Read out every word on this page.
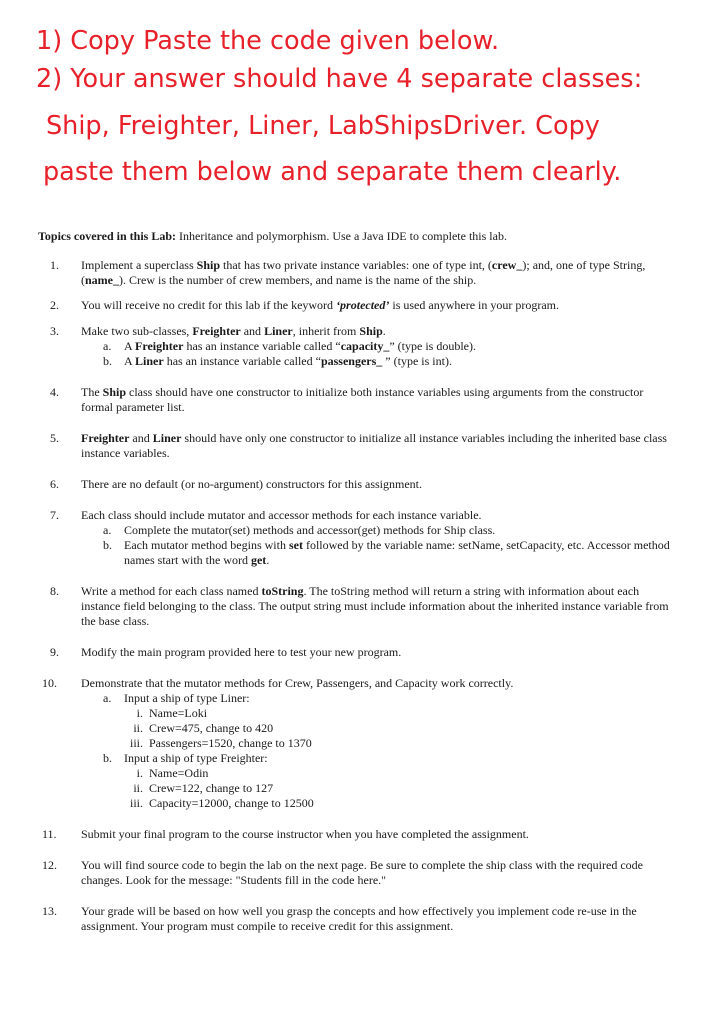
1) Copy Paste the code given below.
2) Your answer should have 4 separate classes:
Ship, Freighter, Liner, LabShipsDriver. Copy
paste them below and separate them clearly.
Topics covered in this Lab: Inheritance and polymorphism. Use a Java IDE to complete this lab.
1.	Implement a superclass Ship that has two private instance variables: one of type int, (crew_); and, one of type String, (name_). Crew is the number of crew members, and name is the name of the ship.
2.	You will receive no credit for this lab if the keyword ‘protected’ is used anywhere in your program.
3.	Make two sub-classes, Freighter and Liner, inherit from Ship.
a. A Freighter has an instance variable called “capacity_” (type is double).
b. A Liner has an instance variable called “passengers_ ” (type is int).
4.	The Ship class should have one constructor to initialize both instance variables using arguments from the constructor formal parameter list.
5.	Freighter and Liner should have only one constructor to initialize all instance variables including the inherited base class instance variables.
6.	There are no default (or no-argument) constructors for this assignment.
7.	Each class should include mutator and accessor methods for each instance variable.
a. Complete the mutator(set) methods and accessor(get) methods for Ship class.
b. Each mutator method begins with set followed by the variable name: setName, setCapacity, etc. Accessor method names start with the word get.
8.	Write a method for each class named toString. The toString method will return a string with information about each instance field belonging to the class. The output string must include information about the inherited instance variable from the base class.
9.	Modify the main program provided here to test your new program.
10.	Demonstrate that the mutator methods for Crew, Passengers, and Capacity work correctly.
a. Input a ship of type Liner:
i. Name=Loki
ii. Crew=475, change to 420
iii. Passengers=1520, change to 1370
b. Input a ship of type Freighter:
i. Name=Odin
ii. Crew=122, change to 127
iii. Capacity=12000, change to 12500
11.	Submit your final program to the course instructor when you have completed the assignment.
12.	You will find source code to begin the lab on the next page. Be sure to complete the ship class with the required code changes. Look for the message: "Students fill in the code here."
13.	Your grade will be based on how well you grasp the concepts and how effectively you implement code re-use in the assignment. Your program must compile to receive credit for this assignment.
